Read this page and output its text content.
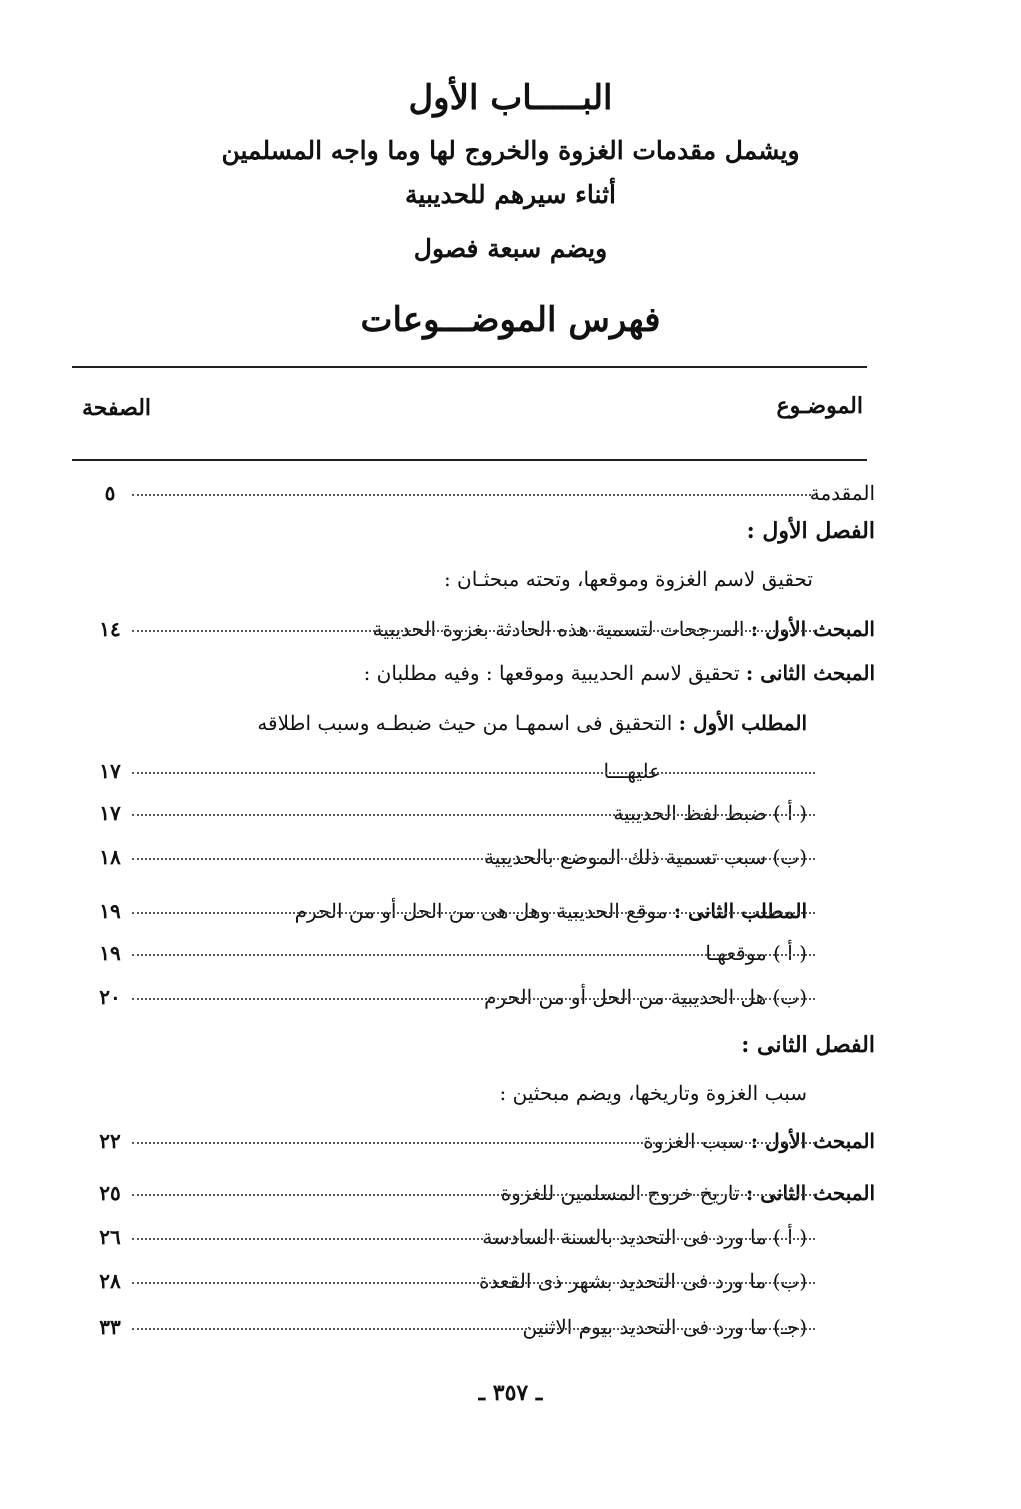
البـــــاب الأول
ويشمل مقدمات الغزوة والخروج لها وما واجه المسلمين
أثناء سيرهم للحديبية
ويضم سبعة فصول
فهرس الموضـــوعات
الموضـوع
الصفحة
المقدمة
٥
الفصل الأول :
تحقيق لاسم الغزوة وموقعها، وتحته مبحثـان :
المبحث الأول : المرجحات لتسمية هذه الحادثة بغزوة الحديبية
١٤
المبحث الثانى : تحقيق لاسم الحديبية وموقعها : وفيه مطلبان :
المطلب الأول : التحقيق فى اسمهـا من حيث ضبطـه وسبب اطلاقه
عليهـــا
١٧
( أ ) ضبط لفظ الحديبية
١٧
(ب) سبب تسمية ذلك الموضع بالحديبية
١٨
المطلب الثانى : موقع الحديبية وهل هى من الحل أو من الحرم
١٩
( أ ) موقعهـا
١٩
(ب) هل الحديبية من الحل أو من الحرم
٢٠
الفصل الثانى :
سبب الغزوة وتاريخها، ويضم مبحثين :
المبحث الأول : سبب الغزوة
٢٢
المبحث الثانى : تاريخ خروج المسلمين للغزوة
٢٥
( أ ) ما ورد فى التحديد بالسنة السادسة
٢٦
(ب) ما ورد فى التحديد بشهر ذى القعدة
٢٨
(جـ) ما ورد فى التحديد بيوم الاثنين
٣٣
ـ ٣٥٧ ـ
